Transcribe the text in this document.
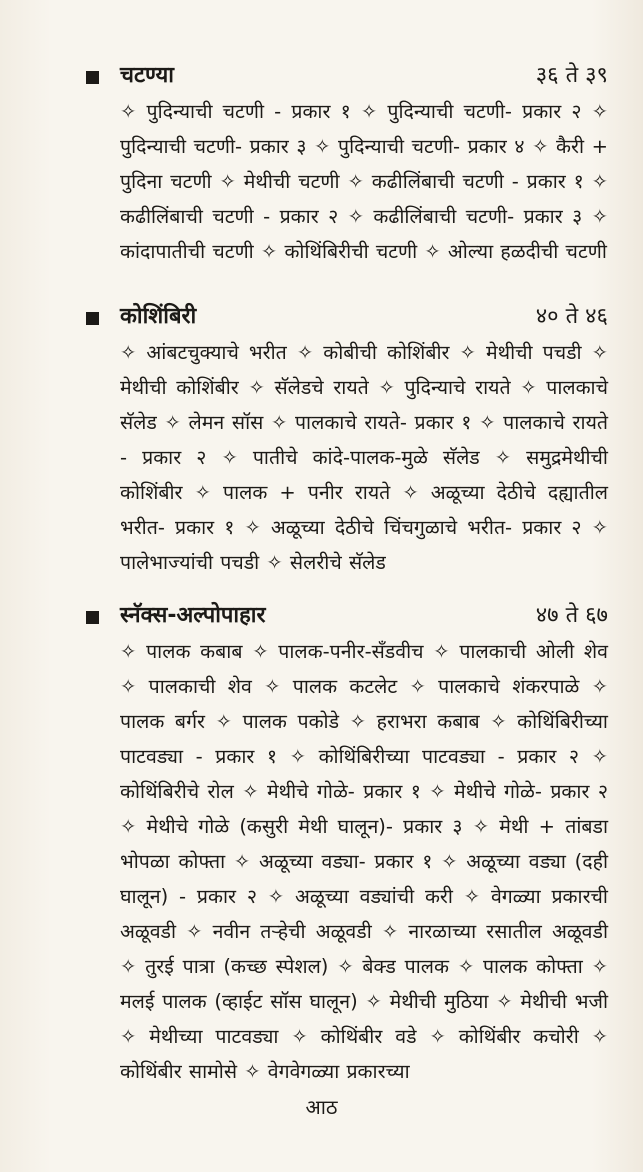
चटण्या	३६ ते ३९

✧ पुदिन्याची चटणी - प्रकार १ ✧ पुदिन्याची चटणी- प्रकार २ ✧ पुदिन्याची चटणी- प्रकार ३ ✧ पुदिन्याची चटणी- प्रकार ४ ✧ कैरी + पुदिना चटणी ✧ मेथीची चटणी ✧ कढीलिंबाची चटणी - प्रकार १ ✧ कढीलिंबाची चटणी - प्रकार २ ✧ कढीलिंबाची चटणी- प्रकार ३ ✧ कांदापातीची चटणी ✧ कोथिंबिरीची चटणी ✧ ओल्या हळदीची चटणी

कोशिंबिरी	४० ते ४६

✧ आंबटचुक्याचे भरीत ✧ कोबीची कोशिंबीर ✧ मेथीची पचडी ✧ मेथीची कोशिंबीर ✧ सॅलेडचे रायते ✧ पुदिन्याचे रायते ✧ पालकाचे सॅलेड ✧ लेमन सॉस ✧ पालकाचे रायते- प्रकार १ ✧ पालकाचे रायते - प्रकार २ ✧ पातीचे कांदे-पालक-मुळे सॅलेड ✧ समुद्रमेथीची कोशिंबीर ✧ पालक + पनीर रायते ✧ अळूच्या देठीचे दह्यातील भरीत- प्रकार १ ✧ अळूच्या देठीचे चिंचगुळाचे भरीत- प्रकार २ ✧ पालेभाज्यांची पचडी ✧ सेलरीचे सॅलेड

स्नॅक्स-अल्पोपाहार	४७ ते ६७

✧ पालक कबाब ✧ पालक-पनीर-सँडवीच ✧ पालकाची ओली शेव ✧ पालकाची शेव ✧ पालक कटलेट ✧ पालकाचे शंकरपाळे ✧ पालक बर्गर ✧ पालक पकोडे ✧ हराभरा कबाब ✧ कोथिंबिरीच्या पाटवड्या - प्रकार १ ✧ कोथिंबिरीच्या पाटवड्या - प्रकार २ ✧ कोथिंबिरीचे रोल ✧ मेथीचे गोळे- प्रकार १ ✧ मेथीचे गोळे- प्रकार २ ✧ मेथीचे गोळे (कसुरी मेथी घालून)- प्रकार ३ ✧ मेथी + तांबडा भोपळा कोफ्ता ✧ अळूच्या वड्या- प्रकार १ ✧ अळूच्या वड्या (दही घालून) - प्रकार २ ✧ अळूच्या वड्यांची करी ✧ वेगळ्या प्रकारची अळूवडी ✧ नवीन तऱ्हेची अळूवडी ✧ नारळाच्या रसातील अळूवडी ✧ तुरई पात्रा (कच्छ स्पेशल) ✧ बेक्ड पालक ✧ पालक कोफ्ता ✧ मलई पालक (व्हाईट सॉस घालून) ✧ मेथीची मुठिया ✧ मेथीची भजी ✧ मेथीच्या पाटवड्या ✧ कोथिंबीर वडे ✧ कोथिंबीर कचोरी ✧ कोथिंबीर सामोसे ✧ वेगवेगळ्या प्रकारच्या

आठ
